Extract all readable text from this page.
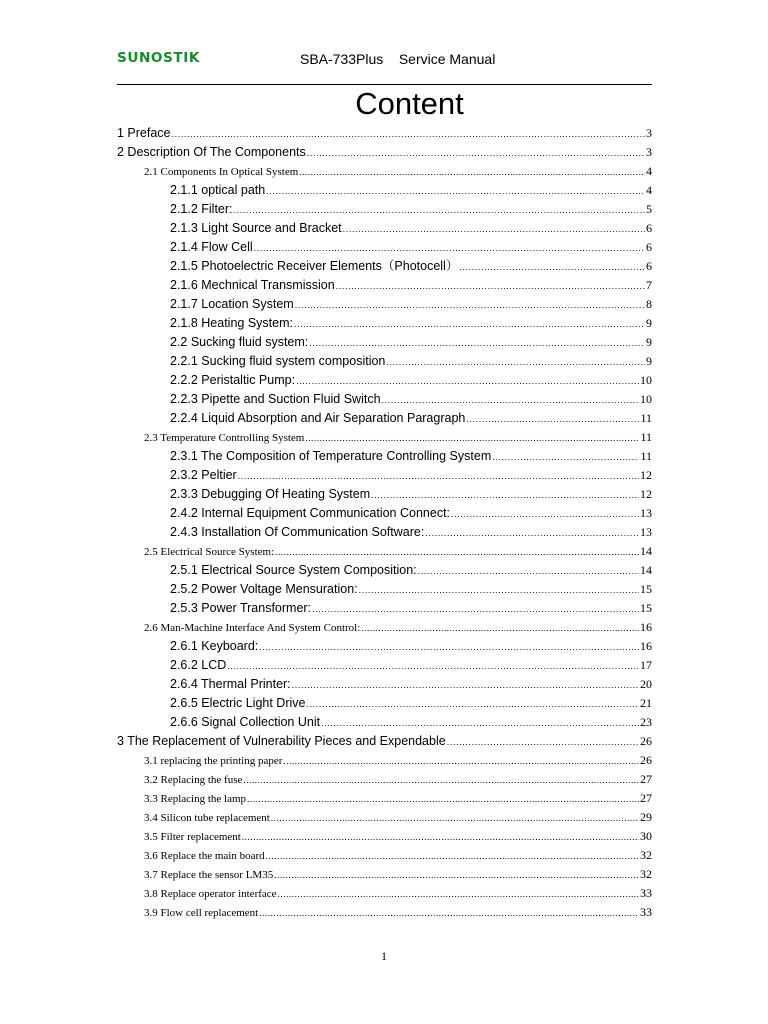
SUNOSTIK	SBA-733Plus    Service Manual
Content
1 Preface .....	3
2 Description Of The Components .....	3
2.1 Components In Optical System .....	4
2.1.1 optical path .....	4
2.1.2 Filter: .....	5
2.1.3 Light Source and Bracket .....	6
2.1.4 Flow Cell .....	6
2.1.5 Photoelectric Receiver Elements（Photocell） .....	6
2.1.6 Mechnical Transmission .....	7
2.1.7 Location System .....	8
2.1.8 Heating System: .....	9
2.2 Sucking fluid system: .....	9
2.2.1 Sucking fluid system composition .....	9
2.2.2 Peristaltic Pump: .....	10
2.2.3 Pipette and Suction Fluid Switch .....	10
2.2.4 Liquid Absorption and Air Separation Paragraph .....	11
2.3 Temperature Controlling System .....	11
2.3.1 The Composition of Temperature Controlling System .....	11
2.3.2 Peltier .....	12
2.3.3 Debugging Of Heating System .....	12
2.4.2 Internal Equipment Communication Connect: .....	13
2.4.3 Installation Of Communication Software: .....	13
2.5 Electrical Source System: .....	14
2.5.1 Electrical Source System Composition: .....	14
2.5.2 Power Voltage Mensuration: .....	15
2.5.3 Power Transformer: .....	15
2.6 Man-Machine Interface And System Control: .....	16
2.6.1 Keyboard: .....	16
2.6.2 LCD .....	17
2.6.4 Thermal Printer: .....	20
2.6.5 Electric Light Drive .....	21
2.6.6 Signal Collection Unit .....	23
3 The Replacement of Vulnerability Pieces and Expendable .....	26
3.1 replacing the printing paper .....	26
3.2 Replacing the fuse .....	27
3.3 Replacing the lamp .....	27
3.4 Silicon tube replacement .....	29
3.5 Filter replacement .....	30
3.6 Replace the main board .....	32
3.7 Replace the sensor LM35 .....	32
3.8 Replace operator interface .....	33
3.9 Flow cell replacement .....	33
1
